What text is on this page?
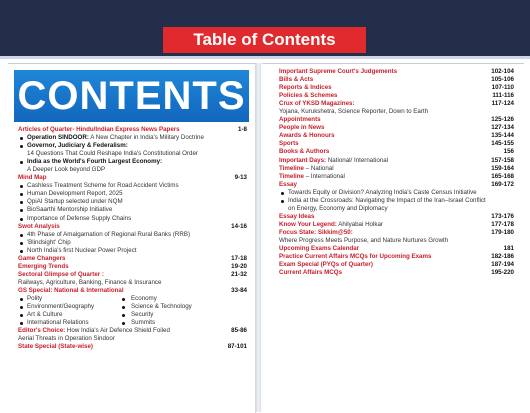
Table of Contents
CONTENTS
Articles of Quarter- Hindu/Indian Express News Papers	1-8
Operation SINDOOR: A New Chapter in India's Military Doctrine
Governor, Judiciary & Federalism:
14 Questions That Could Reshape India's Constitutional Order
India as the World's Fourth Largest Economy:
A Deeper Look beyond GDP
Mind Map	9-13
Cashless Treatment Scheme for Road Accident Victims
Human Development Report, 2025
QpiAI Startup selected under NQM
BioSaarthi Mentorship Initiative
Importance of Defense Supply Chains
Swot Analysis	14-16
4th Phase of Amalgamation of Regional Rural Banks (RRB)
'Blindsight' Chip
North India's first Nuclear Power Project
Game Changers	17-18
Emerging Trends	19-20
Sectoral Glimpse of Quarter :	21-32
Railways, Agriculture, Banking, Finance & Insurance
GS Special: National & International	33-84
Polity	Economy
Environment/Geography	Science & Technology
Art & Culture	Security
International Relations	Summits
Editor's Choice: How India's Air Defence Shield Foiled	85-86
Aerial Threats in Operation Sindoor
State Special (State-wise)	87-101
Important Supreme Court's Judgements	102-104
Bills & Acts	105-106
Reports & Indices	107-110
Policies & Schemes	111-116
Crux of YKSD Magazines:	117-124
Yojana, Kurukshetra, Science Reporter, Down to Earth
Appointments	125-126
People in News	127-134
Awards & Honours	135-144
Sports	145-155
Books & Authors	156
Important Days: National/ International	157-158
Timeline – National	159-164
Timeline – International	165-168
Essay	169-172
Towards Equity or Division? Analyzing India's Caste Census Initiative
India at the Crossroads: Navigating the Impact of the Iran–Israel Conflict
on Energy, Economy and Diplomacy
Essay Ideas	173-176
Know Your Legend: Ahilyabai Holkar	177-178
Focus State: Sikkim@50:	179-180
Where Progress Meets Purpose, and Nature Nurtures Growth
Upcoming Exams Calendar	181
Practice Current Affairs MCQs for Upcoming Exams	182-186
Exam Special (PYQs of Quarter)	187-194
Current Affairs MCQs	195-220
